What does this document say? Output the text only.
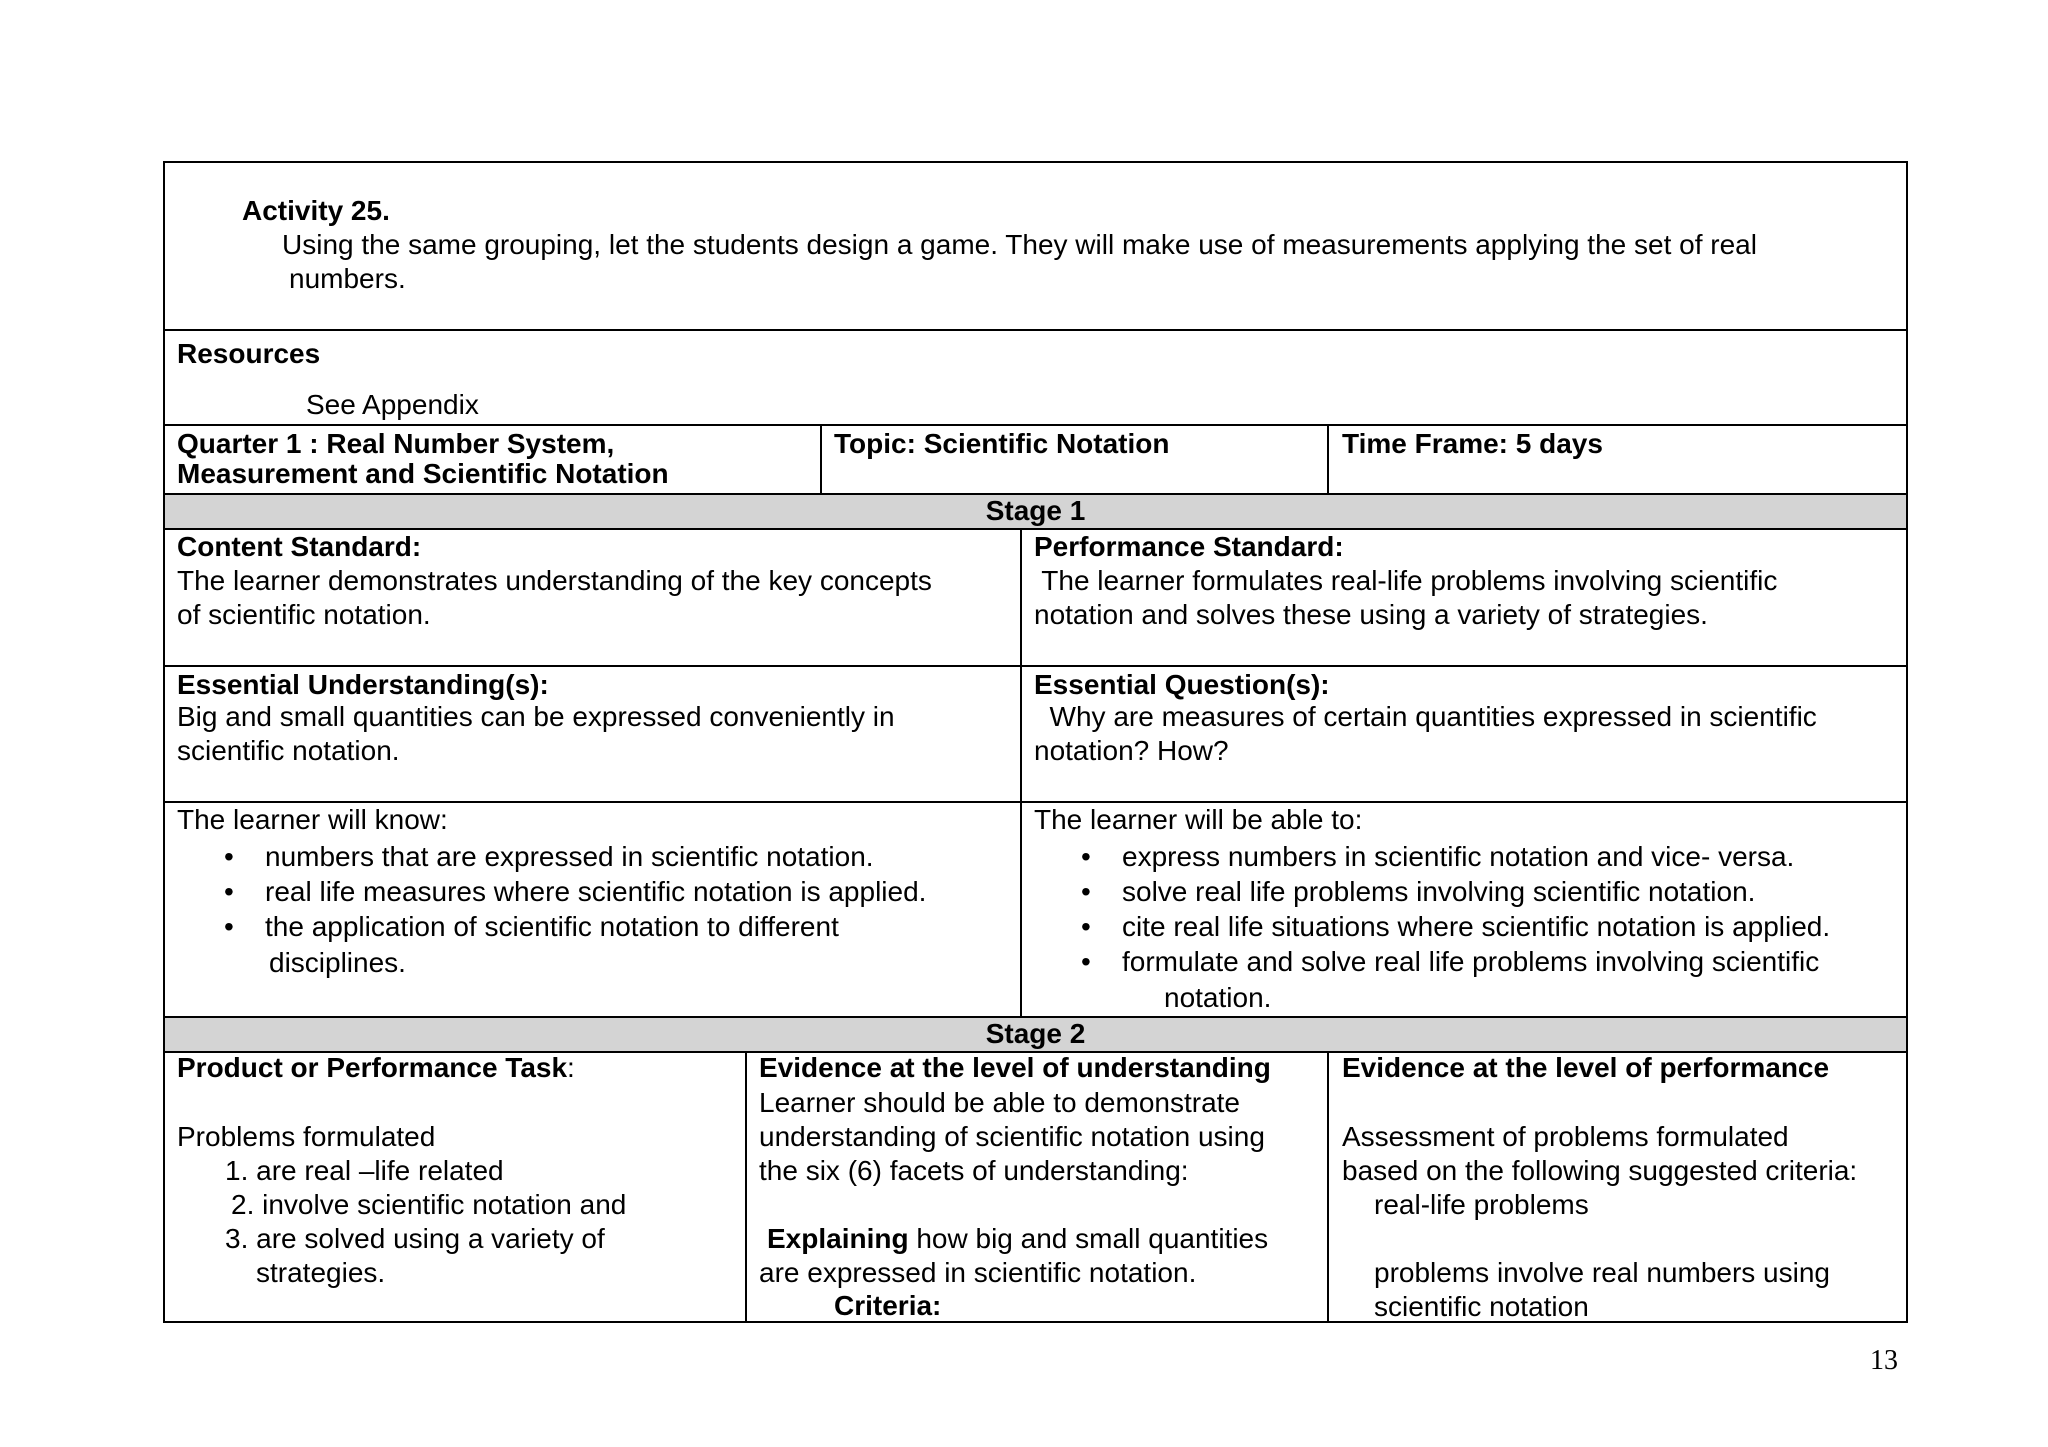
Activity 25.
Using the same grouping, let the students design a game. They will make use of measurements applying the set of real
numbers.
Resources
See Appendix
Quarter 1 : Real Number System,
Measurement and Scientific Notation
Topic: Scientific Notation	Time Frame: 5 days
Stage 1
Content Standard:
The learner demonstrates understanding of the key concepts
of scientific notation.
Performance Standard:
The learner formulates real-life problems involving scientific
notation and solves these using a variety of strategies.
Essential Understanding(s):
Big and small quantities can be expressed conveniently in
scientific notation.
Essential Question(s):
Why are measures of certain quantities expressed in scientific
notation? How?
The learner will know:
• numbers that are expressed in scientific notation.
• real life measures where scientific notation is applied.
• the application of scientific notation to different
disciplines.
The learner will be able to:
• express numbers in scientific notation and vice- versa.
• solve real life problems involving scientific notation.
• cite real life situations where scientific notation is applied.
• formulate and solve real life problems involving scientific
notation.
Stage 2
Product or Performance Task:
Problems formulated
1. are real –life related
2. involve scientific notation and
3. are solved using a variety of
strategies.
Evidence at the level of understanding
Learner should be able to demonstrate
understanding of scientific notation using
the six (6) facets of understanding:
Explaining how big and small quantities
are expressed in scientific notation.
Criteria:
Evidence at the level of performance
Assessment of problems formulated
based on the following suggested criteria:
real-life problems
problems involve real numbers using
scientific notation
13
